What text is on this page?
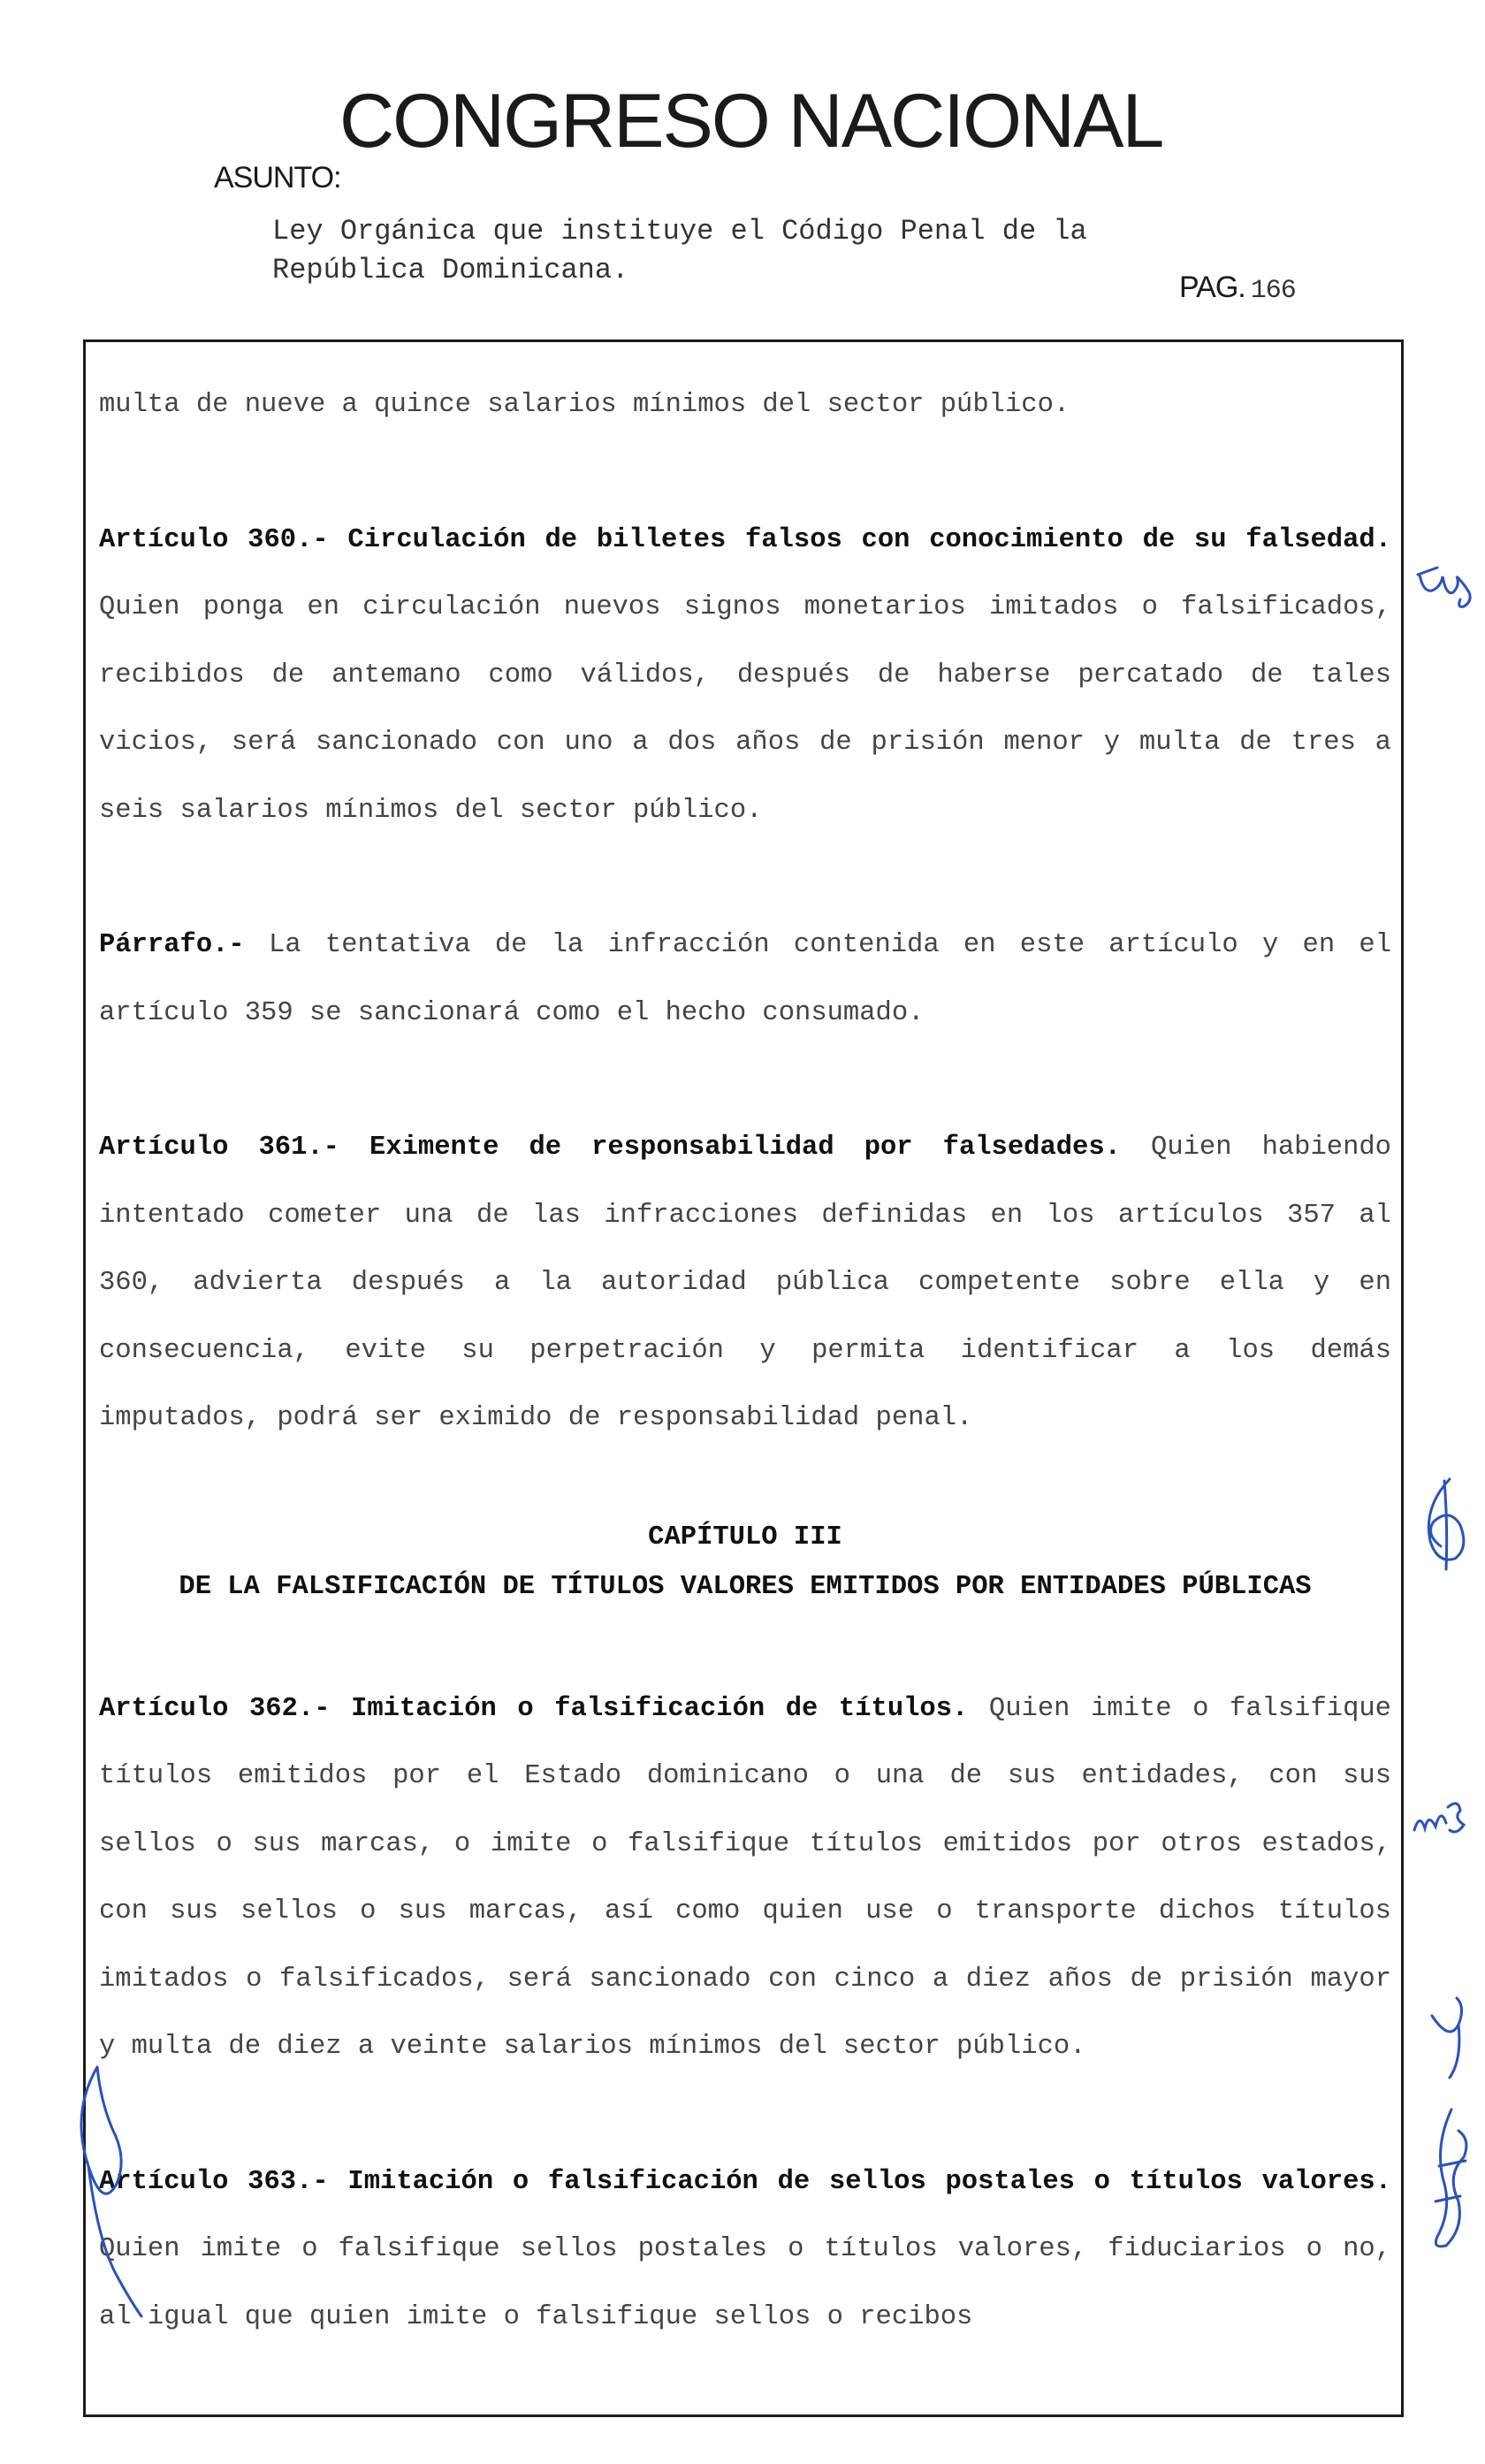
CONGRESO NACIONAL
ASUNTO:
Ley Orgánica que instituye el Código Penal de la
República Dominicana.
PAG. 166

multa de nueve a quince salarios mínimos del sector público.

Artículo 360.- Circulación de billetes falsos con conocimiento de su falsedad. Quien ponga en circulación nuevos signos monetarios imitados o falsificados, recibidos de antemano como válidos, después de haberse percatado de tales vicios, será sancionado con uno a dos años de prisión menor y multa de tres a seis salarios mínimos del sector público.

Párrafo.- La tentativa de la infracción contenida en este artículo y en el artículo 359 se sancionará como el hecho consumado.

Artículo 361.- Eximente de responsabilidad por falsedades. Quien habiendo intentado cometer una de las infracciones definidas en los artículos 357 al 360, advierta después a la autoridad pública competente sobre ella y en consecuencia, evite su perpetración y permita identificar a los demás imputados, podrá ser eximido de responsabilidad penal.

CAPÍTULO III
DE LA FALSIFICACIÓN DE TÍTULOS VALORES EMITIDOS POR ENTIDADES PÚBLICAS

Artículo 362.- Imitación o falsificación de títulos. Quien imite o falsifique títulos emitidos por el Estado dominicano o una de sus entidades, con sus sellos o sus marcas, o imite o falsifique títulos emitidos por otros estados, con sus sellos o sus marcas, así como quien use o transporte dichos títulos imitados o falsificados, será sancionado con cinco a diez años de prisión mayor y multa de diez a veinte salarios mínimos del sector público.

Artículo 363.- Imitación o falsificación de sellos postales o títulos valores. Quien imite o falsifique sellos postales o títulos valores, fiduciarios o no, al igual que quien imite o falsifique sellos o recibos
